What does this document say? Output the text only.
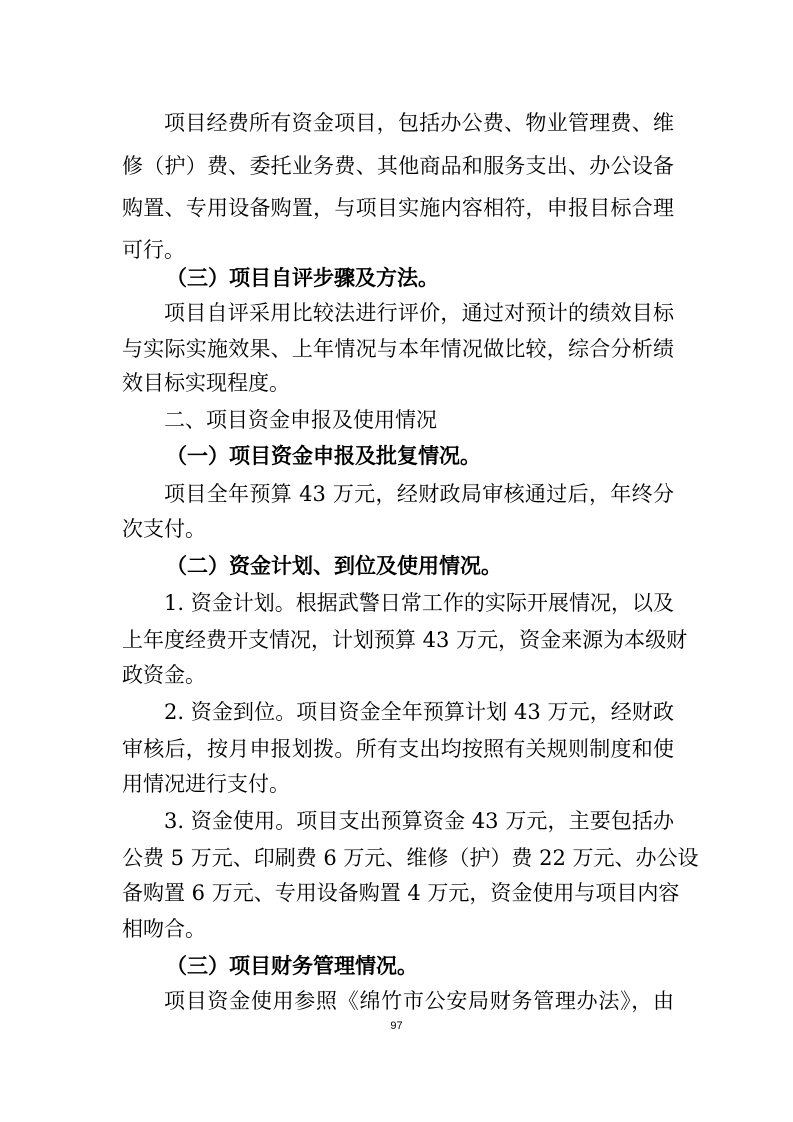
项目经费所有资金项目，包括办公费、物业管理费、维
修（护）费、委托业务费、其他商品和服务支出、办公设备
购置、专用设备购置，与项目实施内容相符，申报目标合理
可行。
（三）项目自评步骤及方法。
项目自评采用比较法进行评价，通过对预计的绩效目标
与实际实施效果、上年情况与本年情况做比较，综合分析绩
效目标实现程度。
二、项目资金申报及使用情况
（一）项目资金申报及批复情况。
项目全年预算 43 万元，经财政局审核通过后，年终分
次支付。
（二）资金计划、到位及使用情况。
1. 资金计划。根据武警日常工作的实际开展情况，以及
上年度经费开支情况，计划预算 43 万元，资金来源为本级财
政资金。
2. 资金到位。项目资金全年预算计划 43 万元，经财政
审核后，按月申报划拨。所有支出均按照有关规则制度和使
用情况进行支付。
3. 资金使用。项目支出预算资金 43 万元，主要包括办
公费 5 万元、印刷费 6 万元、维修（护）费 22 万元、办公设
备购置 6 万元、专用设备购置 4 万元，资金使用与项目内容
相吻合。
（三）项目财务管理情况。
项目资金使用参照《绵竹市公安局财务管理办法》，由
97
